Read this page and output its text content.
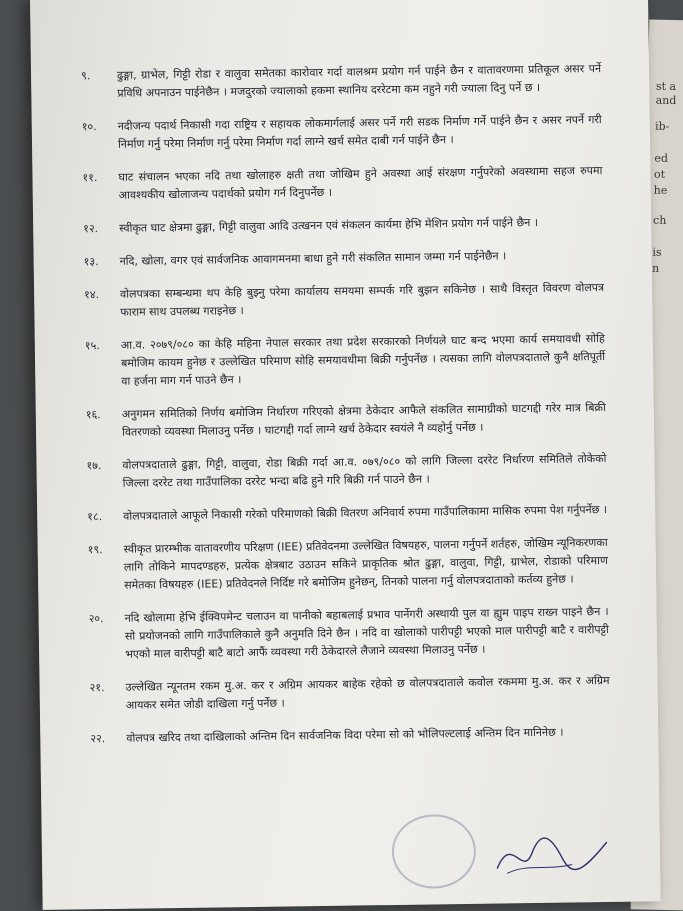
st a
and
ib-
ed
ot
he
ch
is
n
९.	ढुङ्गा, ग्राभेल, गिट्टी रोडा र वालुवा समेतका कारोवार गर्दा वालश्रम प्रयोग गर्न पाईने छैन र वातावरणमा प्रतिकूल असर पर्ने प्रविधि अपनाउन पाईनेछैन । मजदुरको ज्यालाको हकमा स्थानिय दररेटमा कम नहुने गरी ज्याला दिनु पर्ने छ ।
१०.	नदीजन्य पदार्थ निकासी गदा राष्ट्रिय र सहायक लोकमार्गलाई असर पर्ने गरी सडक निर्माण गर्ने पाईने छैन र असर नपर्ने गरी निर्माण गर्नु परेमा निर्माण गर्नु परेमा निर्माण गर्दा लाग्ने खर्च समेत दाबी गर्न पाईने छैन ।
११.	घाट संचालन भएका नदि तथा खोलाहरु क्षती तथा जोखिम हुने अवस्था आई संरक्षण गर्नुपरेको अवस्थामा सहज रुपमा आवश्यकीय खोलाजन्य पदार्थको प्रयोग गर्न दिनुपर्नेछ ।
१२.	स्वीकृत घाट क्षेत्रमा ढुङ्गा, गिट्टी वालुवा आदि उत्खनन एवं संकलन कार्यमा हेभि मेशिन प्रयोग गर्न पाईने छैन ।
१३.	नदि, खोला, वगर एवं सार्वजनिक आवागमनमा बाधा हुने गरी संकलित सामान जम्मा गर्न पाईनेछैन ।
१४.	वोलपत्रका सम्बन्धमा थप केहि बुझ्नु परेमा कार्यालय समयमा सम्पर्क गरि बुझन सकिनेछ । साथै विस्तृत विवरण वोलपत्र फाराम साथ उपलब्ध गराइनेछ ।
१५.	आ.व. २०७९/०८० का केहि महिना नेपाल सरकार तथा प्रदेश सरकारको निर्णयले घाट बन्द भएमा कार्य समयावधी सोहि बमोजिम कायम हुनेछ र उल्लेखित परिमाण सोहि समयावधीमा बिक्री गर्नुपर्नेछ । त्यसका लागि वोलपत्रदाताले कुनै क्षतिपूर्ती वा हर्जना माग गर्न पाउने छैन ।
१६.	अनुगमन समितिको निर्णय बमोजिम निर्धारण गरिएको क्षेत्रमा ठेकेदार आफैले संकलित सामाग्रीको घाटगद्दी गरेर मात्र बिक्री वितरणको व्यवस्था मिलाउनु पर्नेछ । घाटगद्दी गर्दा लाग्ने खर्च ठेकेदार स्वयंले नै व्यहोर्नु पर्नेछ ।
१७.	वोलपत्रदाताले ढुङ्गा, गिट्टी, वालुवा, रोडा बिक्री गर्दा आ.व. ०७९/०८० को लागि जिल्ला दररेट निर्धारण समितिले तोकेको जिल्ला दररेट तथा गाउँपालिका दररेट भन्दा बढि हुने गरि बिक्री गर्न पाउने छैन ।
१८.	वोलपत्रदाताले आफूले निकासी गरेको परिमाणको बिक्री वितरण अनिवार्य रुपमा गाउँपालिकामा मासिक रुपमा पेश गर्नुपर्नेछ ।
१९.	स्वीकृत प्रारम्भीक वातावरणीय परिक्षण (IEE) प्रतिवेदनमा उल्लेखित विषयहरु, पालना गर्नुपर्ने शर्तहरु, जोखिम न्यूनिकरणका लागि तोकिने मापदण्डहरु, प्रत्येक क्षेत्रबाट उठाउन सकिने प्राकृतिक श्रोत ढुङ्गा, वालुवा, गिट्टी, ग्राभेल, रोडाको परिमाण समेतका विषयहरु (IEE) प्रतिवेदनले निर्दिष्ट गरे बमोजिम हुनेछन्, तिनको पालना गर्नु वोलपत्रदाताको कर्तव्य हुनेछ ।
२०.	नदि खोलामा हेभि ईक्विपमेन्ट चलाउन वा पानीको बहाबलाई प्रभाव पार्नेगरी अस्थायी पुल वा ह्युम पाइप राख्न पाइने छैन । सो प्रयोजनको लागि गाउँपालिकाले कुनै अनुमति दिने छैन । नदि वा खोलाको पारीपट्टी भएको माल पारीपट्टी बाटै र वारीपट्टी भएको माल वारीपट्टी बाटै बाटो आफैं व्यवस्था गरी ठेकेदारले लैजाने व्यवस्था मिलाउनु पर्नेछ ।
२१.	उल्लेखित न्यूनतम रकम मु.अ. कर र अग्रिम आयकर बाहेक रहेको छ वोलपत्रदाताले कवोल रकममा मु.अ. कर र अग्रिम आयकर समेत जोडी दाखिला गर्नु पर्नेछ ।
२२.	वोलपत्र खरिद तथा दाखिलाको अन्तिम दिन सार्वजनिक विदा परेमा सो को भोलिपल्टलाई अन्तिम दिन मानिनेछ ।
